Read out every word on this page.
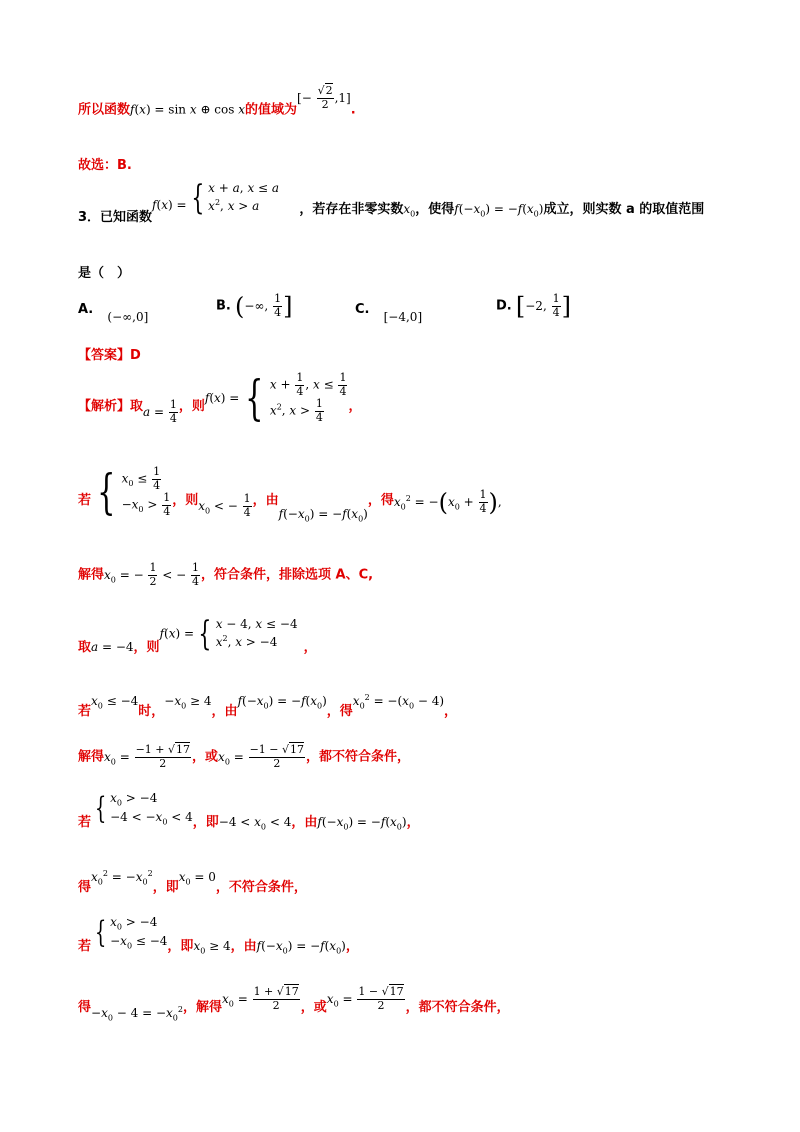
所以函数f(x) = sin x ⊕ cos x的值域为[− $\frac{√2}{2} ,1$].
故选：B.
3．已知函数f(x) = { x + a, x ≤ a
$x^2$, x > a	，若存在非零实数$x_0$，使得$f(-x_0) = -f(x_0)$成立，则实数 a 的取值范围
是（　）
A. (−∞,0]
B. (−∞, $\frac{1}{4}$ ]	C. [−4,0]
D. [−2, $\frac{1}{4}$ ]
【答案】D
【解析】取$a = \frac{1}{4}$ ，则f(x) = { $x + \frac{1}{4}$ , $x \le \frac{1}{4}$
$x^2$, $x > \frac{1}{4}$ ，
若 { $x_0 \le \frac{1}{4}$
$-x_0 > \frac{1}{4}$ ，则$x_0$ < − $\frac{1}{4}$ ，由$f(-x_0) = -f(x_0)$，得$x_0^2 = -(x_0 + \frac{1}{4}$ ),
解得$x_0$ = − $\frac{1}{2}$ < − $\frac{1}{4}$ ，符合条件，排除选项 A、C,
取a = −4，则f(x) = { x − 4, x ≤ −4
$x^2$, x > −4	，
若$x_0 \le -4$时，$-x_0 \ge 4$，由$f(-x_0) = -f(x_0)$，得$x_0^2 = -(x_0 - 4)$，
解得$x_0 = \frac{-1 + √17}{2}$ ，或$x_0 = \frac{-1 - √17}{2}$ ，都不符合条件，
若 { $x_0 > -4$
$-4 < -x_0 < 4$ ，即$-4 < x_0 < 4$，由$f(-x_0) = -f(x_0)$，
得$x_0^2 = -x_0^2$，即$x_0 = 0$，不符合条件，
若 { $x_0 > -4$
$-x_0 \le -4$ ，即$x_0 \ge 4$，由$f(-x_0) = -f(x_0)$，
得$-x_0 - 4 = -x_0^2$，解得$x_0 = \frac{1 + √17}{2}$ ，或$x_0 = \frac{1 - √17}{2}$ ，都不符合条件，
